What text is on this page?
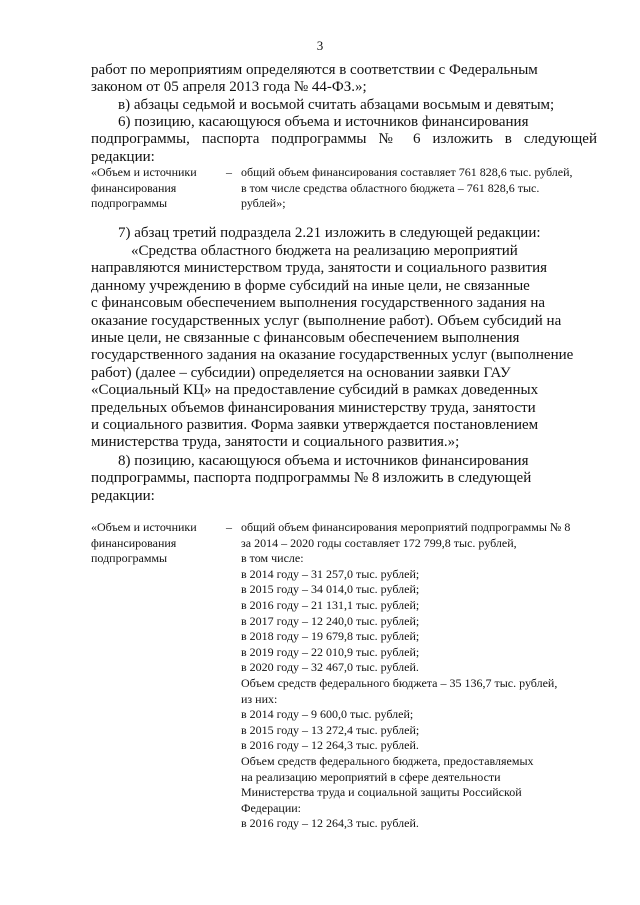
3

работ по мероприятиям определяются в соответствии с Федеральным

законом от 05 апреля 2013 года № 44-ФЗ.»;

в) абзацы седьмой и восьмой считать абзацами восьмым и девятым;

6) позицию, касающуюся объема и источников финансирования

подпрограммы, паспорта подпрограммы № 6 изложить в следующей редакции:

«Объем и источники
финансирования
подпрограммы
– общий объем финансирования составляет 761 828,6 тыс. рублей,
в том числе средства областного бюджета – 761 828,6 тыс.
рублей»;

7) абзац третий подраздела 2.21 изложить в следующей редакции:

«Средства областного бюджета на реализацию мероприятий

направляются министерством труда, занятости и социального развития

данному учреждению в форме субсидий на иные цели, не связанные

с финансовым обеспечением выполнения государственного задания на

оказание государственных услуг (выполнение работ). Объем субсидий на

иные цели, не связанные с финансовым обеспечением выполнения

государственного задания на оказание государственных услуг (выполнение

работ) (далее – субсидии) определяется на основании заявки ГАУ

«Социальный КЦ» на предоставление субсидий в рамках доведенных

предельных объемов финансирования министерству труда, занятости

и социального развития. Форма заявки утверждается постановлением

министерства труда, занятости и социального развития.»;

8) позицию, касающуюся объема и источников финансирования

подпрограммы, паспорта подпрограммы № 8 изложить в следующей

редакции:

«Объем и источники
финансирования
подпрограммы
– общий объем финансирования мероприятий подпрограммы № 8
за 2014 – 2020 годы составляет 172 799,8 тыс. рублей,
в том числе:
в 2014 году – 31 257,0 тыс. рублей;
в 2015 году – 34 014,0 тыс. рублей;
в 2016 году – 21 131,1 тыс. рублей;
в 2017 году – 12 240,0 тыс. рублей;
в 2018 году – 19 679,8 тыс. рублей;
в 2019 году – 22 010,9 тыс. рублей;
в 2020 году – 32 467,0 тыс. рублей.
Объем средств федерального бюджета – 35 136,7 тыс. рублей,
из них:
в 2014 году – 9 600,0 тыс. рублей;
в 2015 году – 13 272,4 тыс. рублей;
в 2016 году – 12 264,3 тыс. рублей.
Объем средств федерального бюджета, предоставляемых
на реализацию мероприятий в сфере деятельности
Министерства труда и социальной защиты Российской
Федерации:
в 2016 году – 12 264,3 тыс. рублей.
